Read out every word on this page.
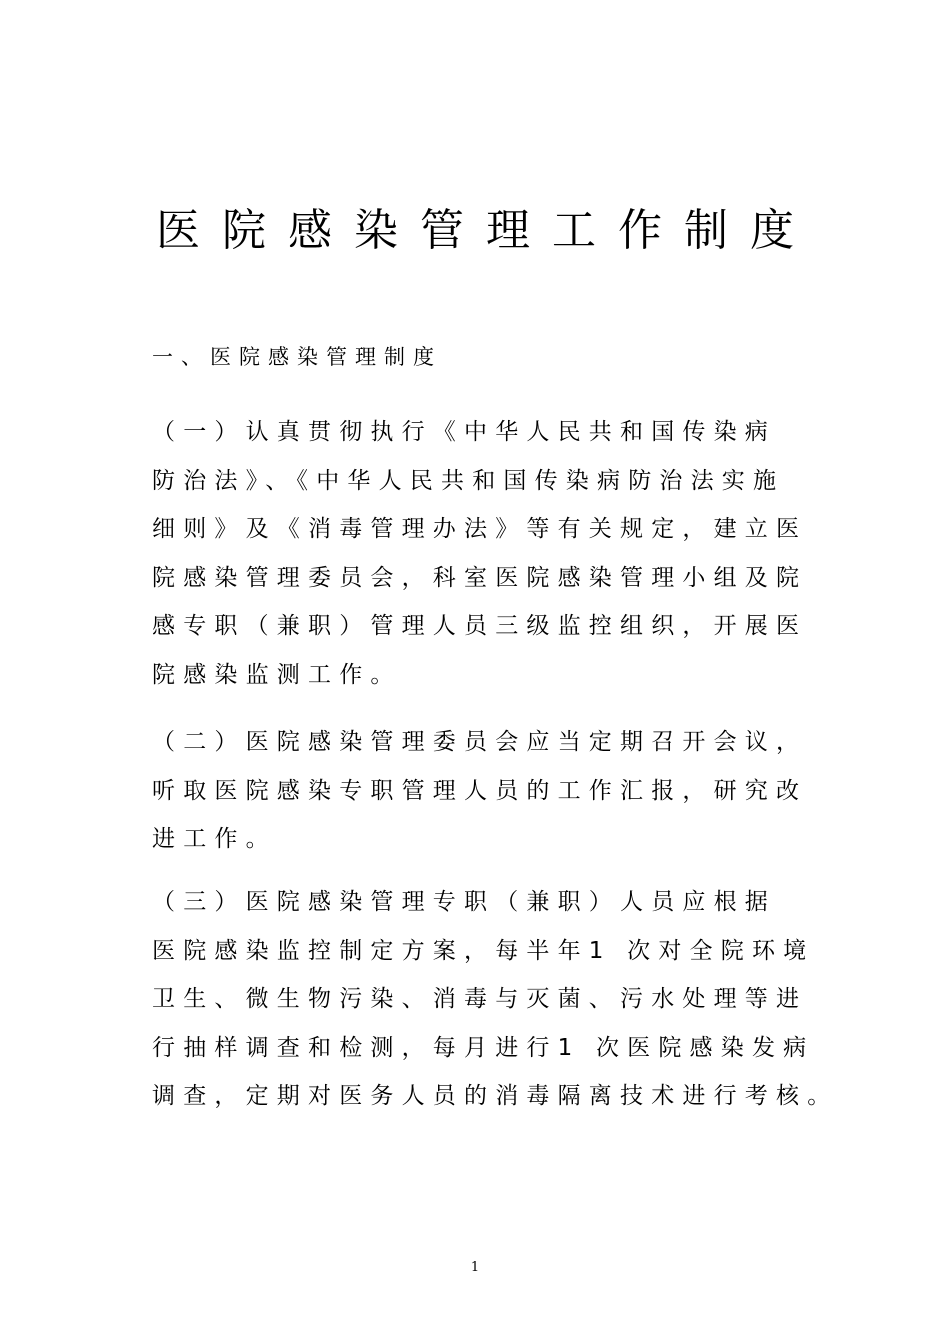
医院感染管理工作制度
一、医院感染管理制度
（一）认真贯彻执行《中华人民共和国传染病
防治法》、《中华人民共和国传染病防治法实施
细则》及《消毒管理办法》等有关规定，建立医
院感染管理委员会，科室医院感染管理小组及院
感专职（兼职）管理人员三级监控组织，开展医
院感染监测工作。
（二）医院感染管理委员会应当定期召开会议，
听取医院感染专职管理人员的工作汇报，研究改
进工作。
（三）医院感染管理专职（兼职）人员应根据
医院感染监控制定方案，每半年1 次对全院环境
卫生、微生物污染、消毒与灭菌、污水处理等进
行抽样调查和检测，每月进行1 次医院感染发病
调查，定期对医务人员的消毒隔离技术进行考核。
1
